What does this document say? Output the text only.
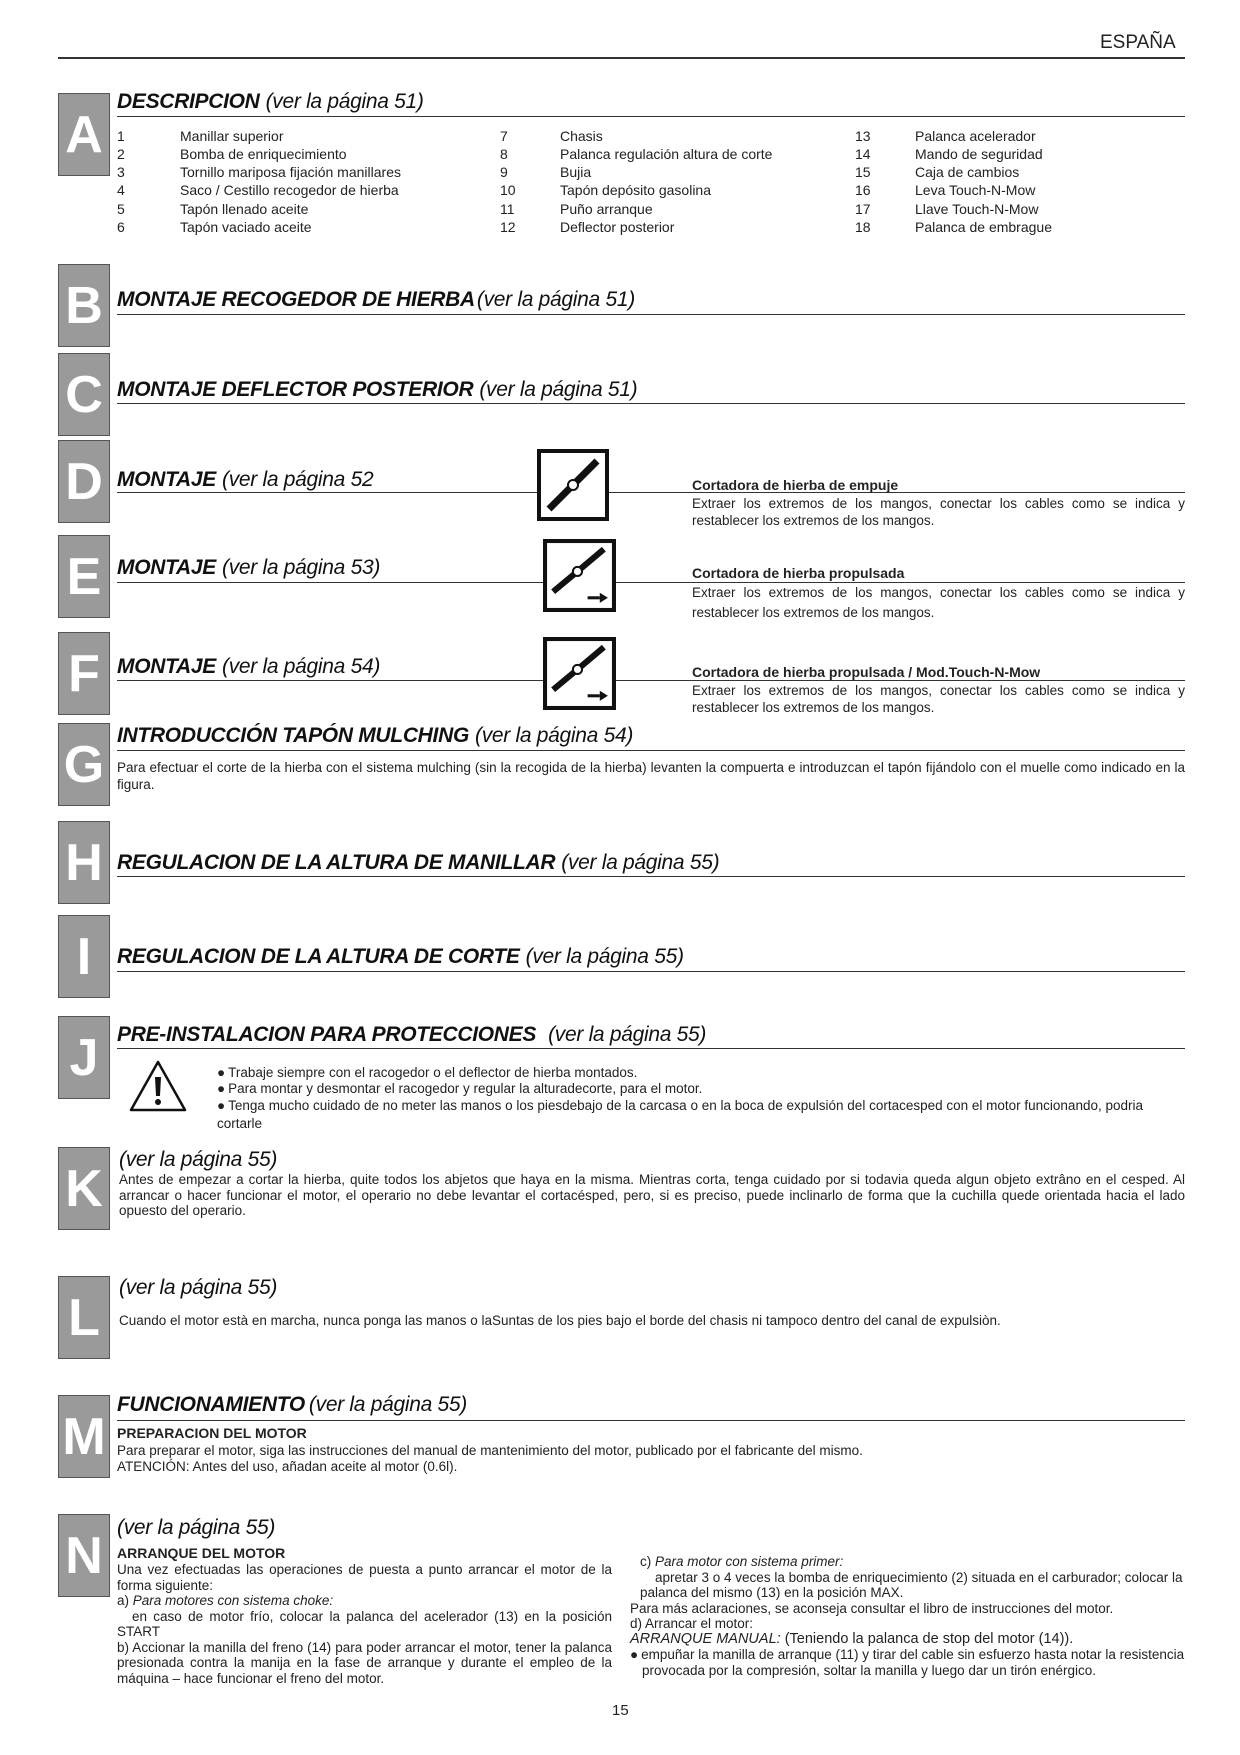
ESPAÑA
A
DESCRIPCION (ver la página 51)
1	Manillar superior
2	Bomba de enriquecimiento
3	Tornillo mariposa fijación manillares
4	Saco / Cestillo recogedor de hierba
5	Tapón llenado aceite
6	Tapón vaciado aceite
7	Chasis
8	Palanca regulación altura de corte
9	Bujia
10	Tapón depósito gasolina
11	Puño arranque
12	Deflector posterior
13	Palanca acelerador
14	Mando de seguridad
15	Caja de cambios
16	Leva Touch-N-Mow
17	Llave Touch-N-Mow
18	Palanca de embrague
B MONTAJE RECOGEDOR DE HIERBA(ver la página 51)
C MONTAJE DEFLECTOR POSTERIOR (ver la página 51)
D MONTAJE (ver la página 52	Cortadora de hierba de empuje
Extraer los extremos de los mangos, conectar los cables como se indica y restablecer los extremos de los mangos.
E MONTAJE (ver la página 53)	Cortadora de hierba propulsada
Extraer los extremos de los mangos, conectar los cables como se indica y restablecer los extremos de los mangos.
F MONTAJE (ver la página 54)	Cortadora de hierba propulsada / Mod.Touch-N-Mow
Extraer los extremos de los mangos, conectar los cables como se indica y restablecer los extremos de los mangos.
G
INTRODUCCIÓN TAPÓN MULCHING (ver la página 54)
Para efectuar el corte de la hierba con el sistema mulching (sin la recogida de la hierba) levanten la compuerta e introduzcan el tapón fijándolo con el muelle como indicado en la figura.
H REGULACION DE LA ALTURA DE MANILLAR (ver la página 55)
I	REGULACION DE LA ALTURA DE CORTE (ver la página 55)
J PRE-INSTALACION PARA PROTECCIONES (ver la página 55)
● Trabaje siempre con el racogedor o el deflector de hierba montados.
● Para montar y desmontar el racogedor y regular la alturadecorte, para el motor.
● Tenga mucho cuidado de no meter las manos o los piesdebajo de la carcasa o en la boca de expulsión del cortacesped con el motor funcionando, podria cortarle
K
(ver la página 55)
Antes de empezar a cortar la hierba, quite todos los abjetos que haya en la misma. Mientras corta, tenga cuidado por si todavia queda algun objeto extrâno en el cesped. Al arrancar o hacer funcionar el motor, el operario no debe levantar el cortacésped, pero, si es preciso, puede inclinarlo de forma que la cuchilla quede orientada hacia el lado opuesto del operario.
L
(ver la página 55)
Cuando el motor està en marcha, nunca ponga las manos o laSuntas de los pies bajo el borde del chasis ni tampoco dentro del canal de expulsiòn.
M
FUNCIONAMIENTO (ver la página 55)
PREPARACION DEL MOTOR
Para preparar el motor, siga las instrucciones del manual de mantenimiento del motor, publicado por el fabricante del mismo.
ATENCIÓN: Antes del uso, añadan aceite al motor (0.6l).
N (ver la página 55)
ARRANQUE DEL MOTOR
Una vez efectuadas las operaciones de puesta a punto arrancar el motor de la forma siguiente:
a) Para motores con sistema choke:
en caso de motor frío, colocar la palanca del acelerador (13) en la posición START
b) Accionar la manilla del freno (14) para poder arrancar el motor, tener la palanca presionada contra la manija en la fase de arranque y durante el empleo de la máquina – hace funcionar el freno del motor.
c) Para motor con sistema primer:
apretar 3 o 4 veces la bomba de enriquecimiento (2) situada en el carburador; colocar la palanca del mismo (13) en la posición MAX.
Para más aclaraciones, se aconseja consultar el libro de instrucciones del motor.
d) Arrancar el motor:
ARRANQUE MANUAL: (Teniendo la palanca de stop del motor (14)).
● empuñar la manilla de arranque (11) y tirar del cable sin esfuerzo hasta notar la resistencia provocada por la compresión, soltar la manilla y luego dar un tirón enérgico.
15
